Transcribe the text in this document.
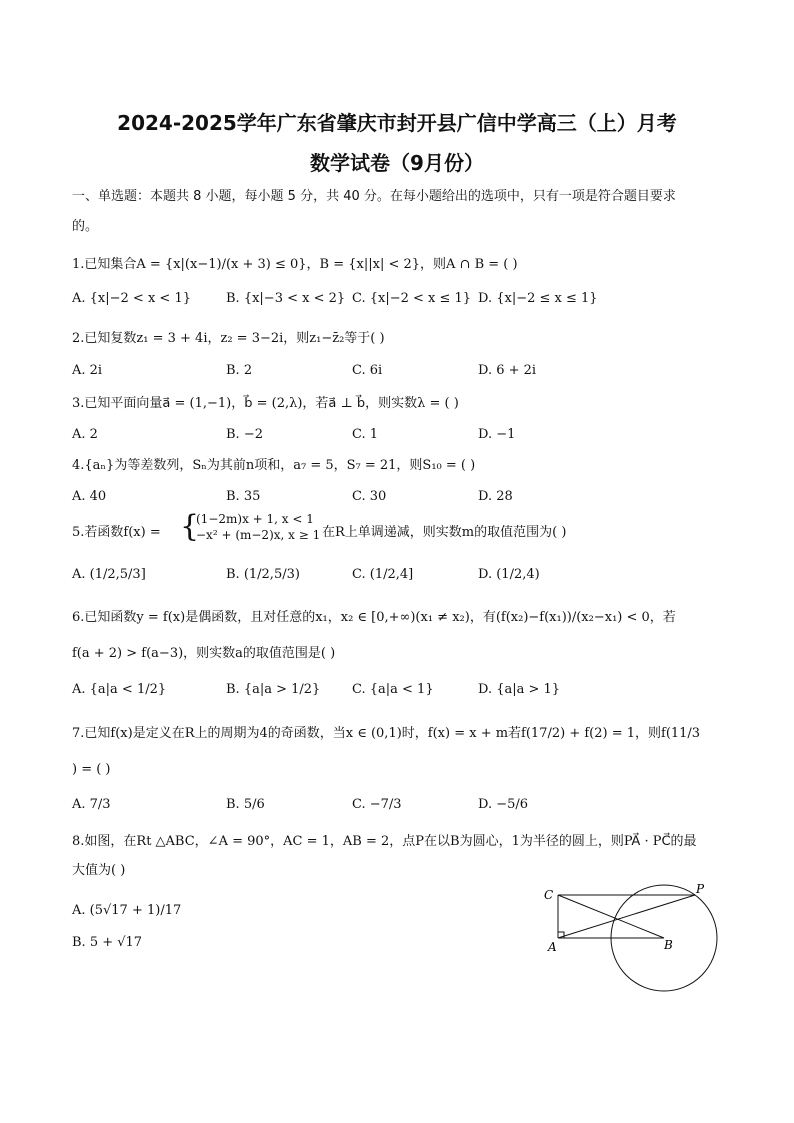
2024-2025学年广东省肇庆市封开县广信中学高三（上）月考
数学试卷（9月份）
一、单选题：本题共 8 小题，每小题 5 分，共 40 分。在每小题给出的选项中，只有一项是符合题目要求
的。
1.已知集合A = {x|(x−1)/(x + 3) ≤ 0}，B = {x||x| < 2}，则A ∩ B = ( )
A. {x|−2 < x < 1}	B. {x|−3 < x < 2} C. {x|−2 < x ≤ 1} D. {x|−2 ≤ x ≤ 1}
2.已知复数z₁ = 3 + 4i，z₂ = 3−2i，则z₁−z̄₂等于( )
A. 2i	B. 2	C. 6i	D. 6 + 2i
3.已知平面向量a⃗ = (1,−1)，b⃗ = (2,λ)，若a⃗ ⊥ b⃗，则实数λ = ( )
A. 2	B. −2	C. 1	D. −1
4.{aₙ}为等差数列，Sₙ为其前n项和，a₇ = 5，S₇ = 21，则S₁₀ = ( )
A. 40	B. 35	C. 30	D. 28
5.若函数f(x) = {
(1−2m)x + 1, x < 1
−x² + (m−2)x, x ≥ 1 在R上单调递减，则实数m的取值范围为( )
A. (1/2,5/3]	B. (1/2,5/3)	C. (1/2,4]	D. (1/2,4)
6.已知函数y = f(x)是偶函数，且对任意的x₁，x₂ ∈ [0,+∞)(x₁ ≠ x₂)，有(f(x₂)−f(x₁))/(x₂−x₁) < 0，若
f(a + 2) > f(a−3)，则实数a的取值范围是( )
A. {a|a < 1/2}	B. {a|a > 1/2} C. {a|a < 1}	D. {a|a > 1}
7.已知f(x)是定义在R上的周期为4的奇函数，当x ∈ (0,1)时，f(x) = x + m若f(17/2) + f(2) = 1，则f(11/3
) = ( )
A. 7/3	B. 5/6	C. −7/3	D. −5/6
8.如图，在Rt △ABC，∠A = 90°，AC = 1，AB = 2，点P在以B为圆心，1为半径的圆上，则PA⃗ · PC⃗的最
大值为( )
A. (5√17 + 1)/17
B. 5 + √17
C	P
A	B
